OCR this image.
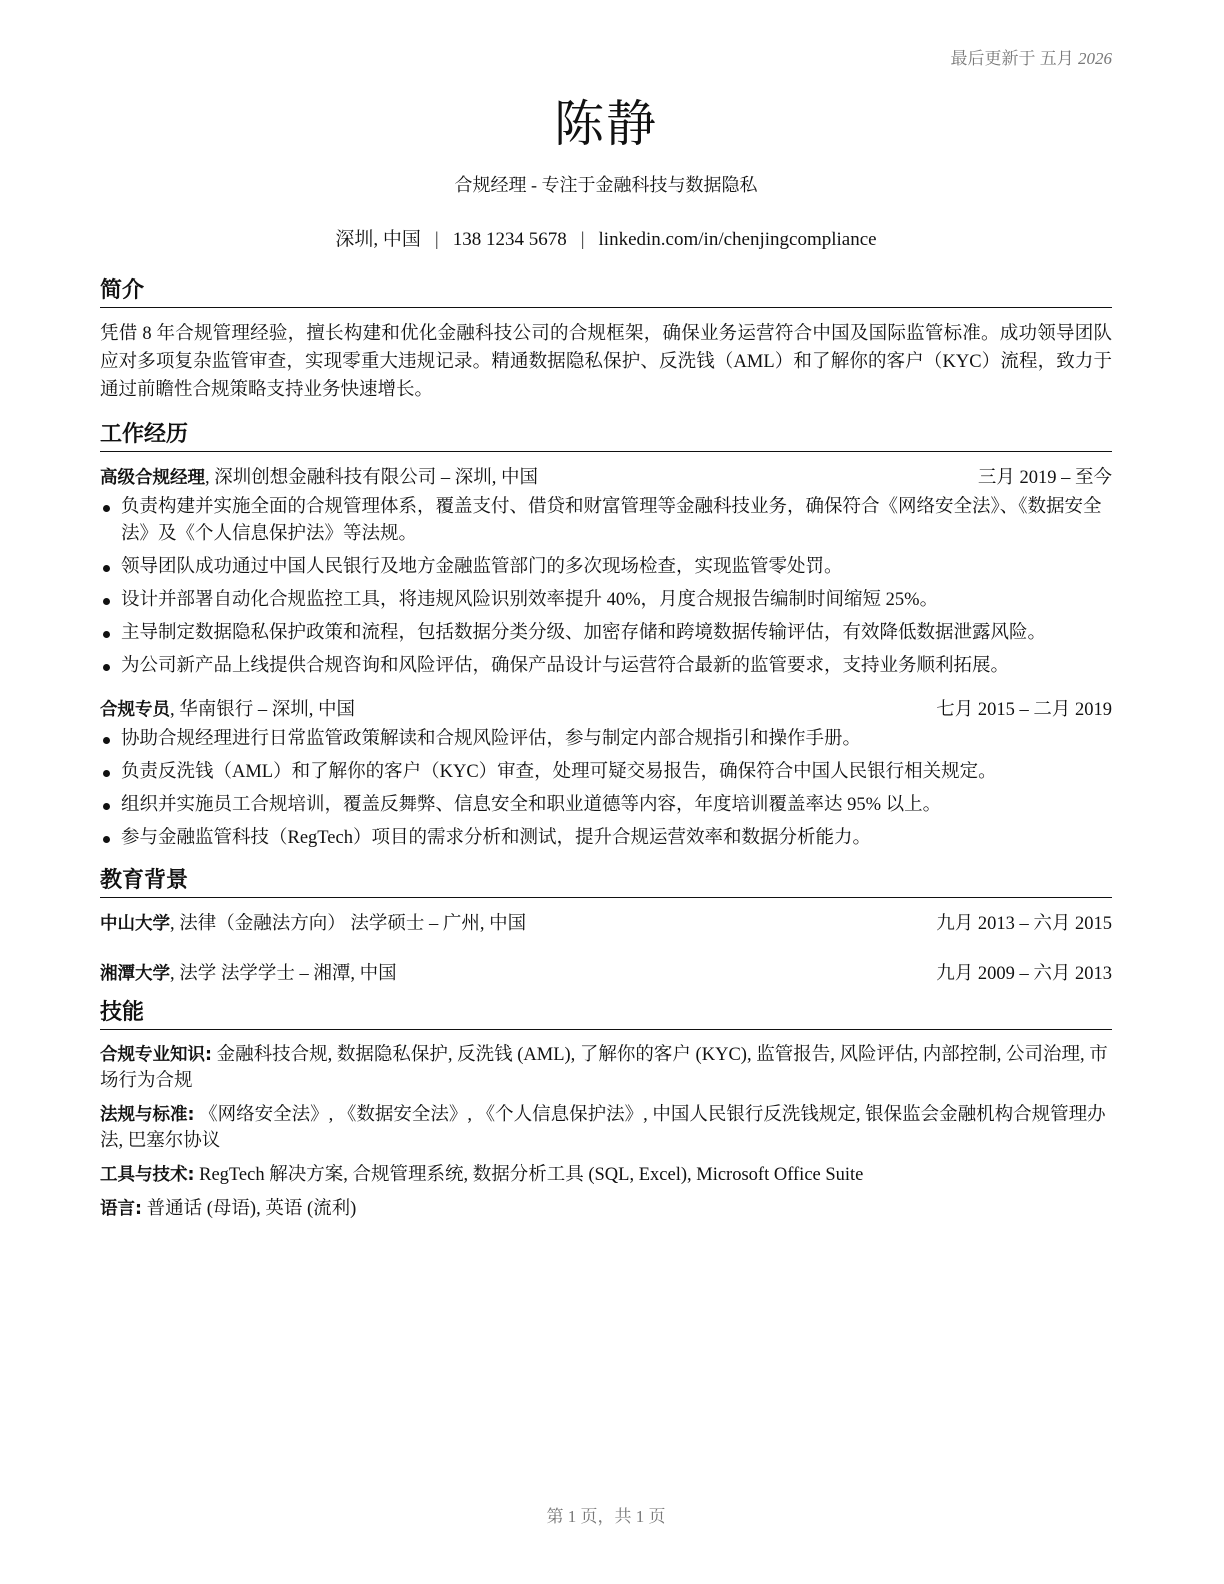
最后更新于 五月 2026
陈静
合规经理 - 专注于金融科技与数据隐私
深圳, 中国 | 138 1234 5678 | linkedin.com/in/chenjingcompliance
简介
凭借 8 年合规管理经验，擅长构建和优化金融科技公司的合规框架，确保业务运营符合中国及国际监管标准。成功领导团队应对多项复杂监管审查，实现零重大违规记录。精通数据隐私保护、反洗钱（AML）和了解你的客户（KYC）流程，致力于通过前瞻性合规策略支持业务快速增长。
工作经历
高级合规经理, 深圳创想金融科技有限公司 – 深圳, 中国	三月 2019 – 至今
负责构建并实施全面的合规管理体系，覆盖支付、借贷和财富管理等金融科技业务，确保符合《网络安全法》、《数据安全法》及《个人信息保护法》等法规。
领导团队成功通过中国人民银行及地方金融监管部门的多次现场检查，实现监管零处罚。
设计并部署自动化合规监控工具，将违规风险识别效率提升 40%，月度合规报告编制时间缩短 25%。
主导制定数据隐私保护政策和流程，包括数据分类分级、加密存储和跨境数据传输评估，有效降低数据泄露风险。
为公司新产品上线提供合规咨询和风险评估，确保产品设计与运营符合最新的监管要求，支持业务顺利拓展。
合规专员, 华南银行 – 深圳, 中国	七月 2015 – 二月 2019
协助合规经理进行日常监管政策解读和合规风险评估，参与制定内部合规指引和操作手册。
负责反洗钱（AML）和了解你的客户（KYC）审查，处理可疑交易报告，确保符合中国人民银行相关规定。
组织并实施员工合规培训，覆盖反舞弊、信息安全和职业道德等内容，年度培训覆盖率达 95% 以上。
参与金融监管科技（RegTech）项目的需求分析和测试，提升合规运营效率和数据分析能力。
教育背景
中山大学, 法律（金融法方向） 法学硕士 – 广州, 中国	九月 2013 – 六月 2015
湘潭大学, 法学 法学学士 – 湘潭, 中国	九月 2009 – 六月 2013
技能
合规专业知识: 金融科技合规, 数据隐私保护, 反洗钱 (AML), 了解你的客户 (KYC), 监管报告, 风险评估, 内部控制, 公司治理, 市场行为合规
法规与标准: 《网络安全法》, 《数据安全法》, 《个人信息保护法》, 中国人民银行反洗钱规定, 银保监会金融机构合规管理办法, 巴塞尔协议
工具与技术: RegTech 解决方案, 合规管理系统, 数据分析工具 (SQL, Excel), Microsoft Office Suite
语言: 普通话 (母语), 英语 (流利)
第 1 页，共 1 页
